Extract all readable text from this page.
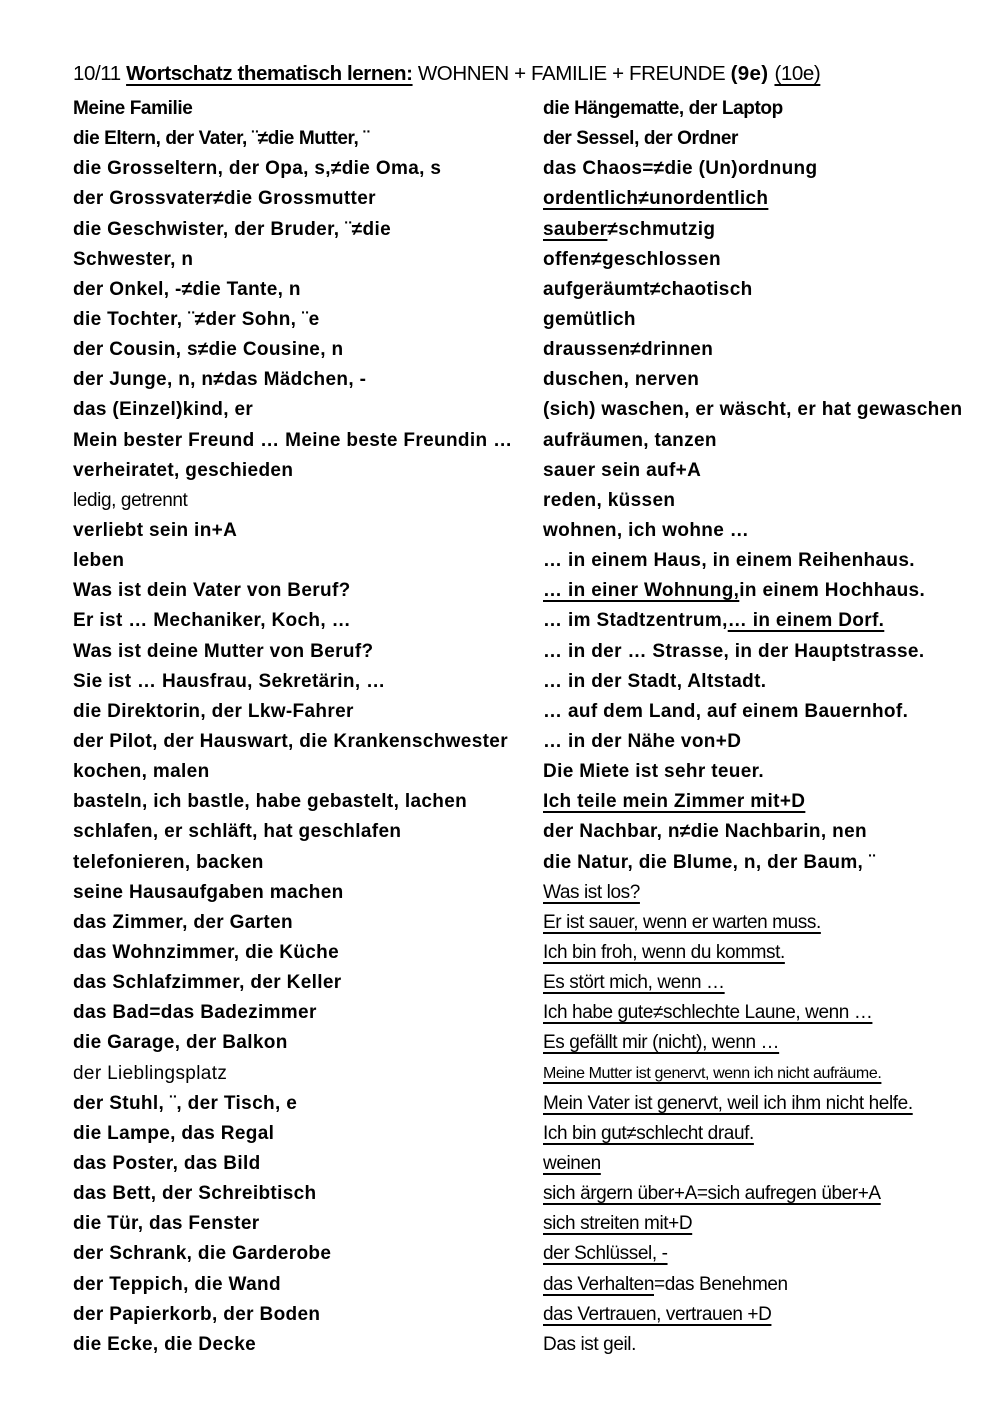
10/11 Wortschatz thematisch lernen: WOHNEN + FAMILIE + FREUNDE (9e) (10e)
Meine Familie
die Eltern, der Vater, ¨≠die Mutter, ¨
die Grosseltern, der Opa, s,≠die Oma, s
der Grossvater≠die Grossmutter
die Geschwister, der Bruder, ¨≠die
Schwester, n
der Onkel, -≠die Tante, n
die Tochter, ¨≠der Sohn, ¨e
der Cousin, s≠die Cousine, n
der Junge, n, n≠das Mädchen, -
das (Einzel)kind, er
Mein bester Freund … Meine beste Freundin …
verheiratet, geschieden
ledig, getrennt
verliebt sein in+A
leben
Was ist dein Vater von Beruf?
Er ist … Mechaniker, Koch, …
Was ist deine Mutter von Beruf?
Sie ist … Hausfrau, Sekretärin, …
die Direktorin, der Lkw-Fahrer
der Pilot, der Hauswart, die Krankenschwester
kochen, malen
basteln, ich bastle, habe gebastelt, lachen
schlafen, er schläft, hat geschlafen
telefonieren, backen
seine Hausaufgaben machen
das Zimmer, der Garten
das Wohnzimmer, die Küche
das Schlafzimmer, der Keller
das Bad=das Badezimmer
die Garage, der Balkon
der Lieblingsplatz
der Stuhl, ¨, der Tisch, e
die Lampe, das Regal
das Poster, das Bild
das Bett, der Schreibtisch
die Tür, das Fenster
der Schrank, die Garderobe
der Teppich, die Wand
der Papierkorb, der Boden
die Ecke, die Decke
die Hängematte, der Laptop
der Sessel, der Ordner
das Chaos=≠die (Un)ordnung
ordentlich≠unordentlich
sauber ≠schmutzig
offen≠geschlossen
aufgeräumt≠chaotisch
gemütlich
draussen≠drinnen
duschen, nerven
(sich) waschen, er wäscht, er hat gewaschen
aufräumen, tanzen
sauer sein auf+A
reden, küssen
wohnen, ich wohne …
… in einem Haus, in einem Reihenhaus.
… in einer Wohnung, in einem Hochhaus.
… im Stadtzentrum, … in einem Dorf.
… in der … Strasse, in der Hauptstrasse.
… in der Stadt, Altstadt.
… auf dem Land, auf einem Bauernhof.
… in der Nähe von+D
Die Miete ist sehr teuer.
Ich teile mein Zimmer mit+D
der Nachbar, n≠die Nachbarin, nen
die Natur, die Blume, n, der Baum, ¨
Was ist los?
Er ist sauer, wenn er warten muss.
Ich bin froh, wenn du kommst.
Es stört mich, wenn …
Ich habe gute≠schlechte Laune, wenn …
Es gefällt mir (nicht), wenn …
Meine Mutter ist genervt, wenn ich nicht aufräume.
Mein Vater ist genervt, weil ich ihm nicht helfe.
Ich bin gut≠schlecht drauf.
weinen
sich ärgern über+A=sich aufregen über+A
sich streiten mit+D
der Schlüssel, -
das Verhalten =das Benehmen
das Vertrauen, vertrauen +D
Das ist geil.
